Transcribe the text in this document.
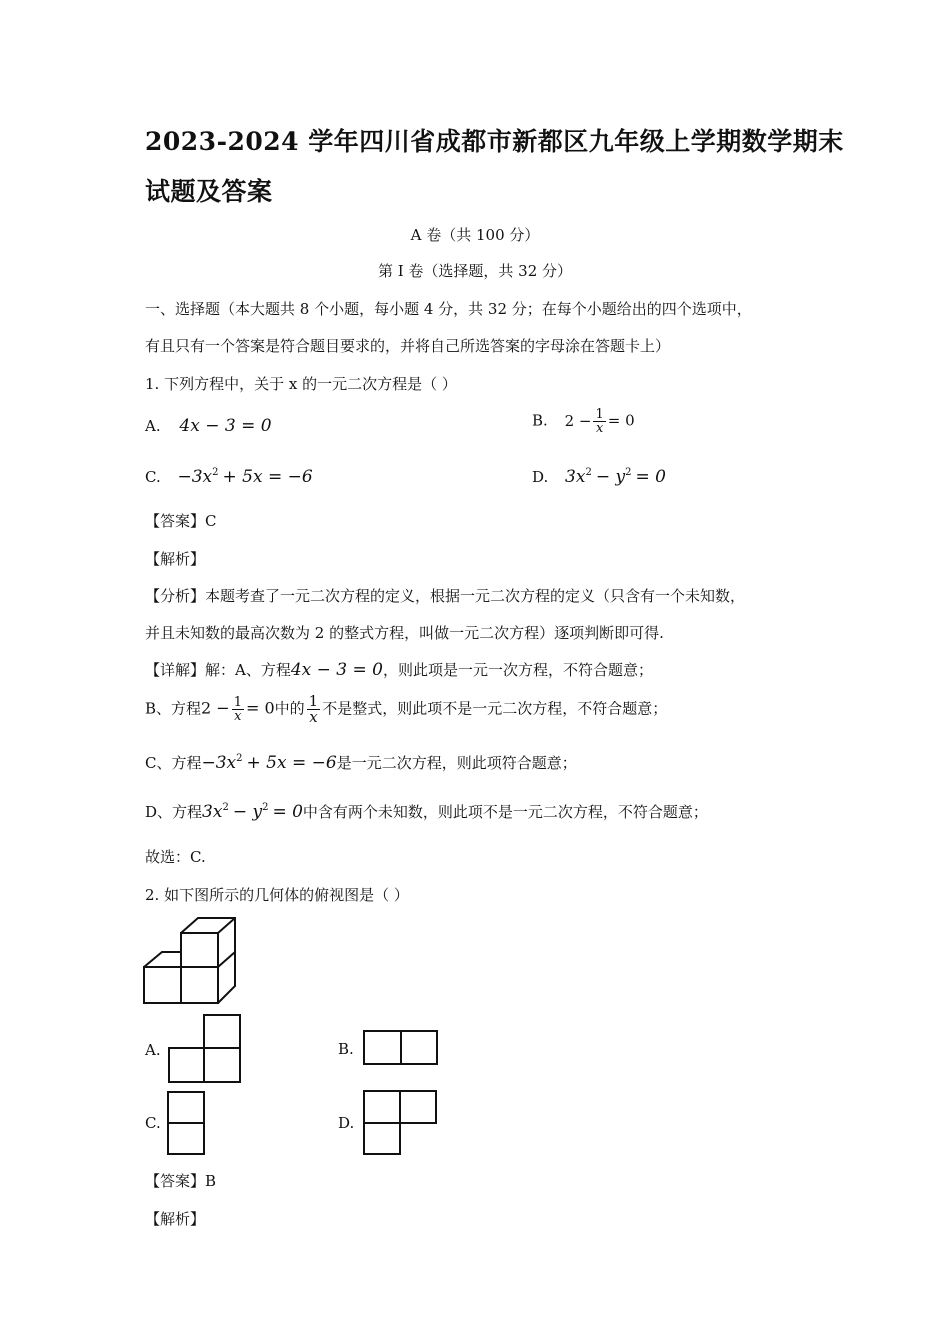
2023-2024 学年四川省成都市新都区九年级上学期数学期末
试题及答案
A 卷（共 100 分）
第 I 卷（选择题，共 32 分）
一、选择题（本大题共 8 个小题，每小题 4 分，共 32 分；在每个小题给出的四个选项中，
有且只有一个答案是符合题目要求的，并将自己所选答案的字母涂在答题卡上）
1. 下列方程中，关于 x 的一元二次方程是（ ）
A. 4x − 3 = 0	B. $2 - \frac{1}{x} = 0$
C. $-3x^2 + 5x = -6$	D. $3x^2 - y^2 = 0$
【答案】C
【解析】
【分析】本题考查了一元二次方程的定义，根据一元二次方程的定义（只含有一个未知数，
并且未知数的最高次数为 2 的整式方程，叫做一元二次方程）逐项判断即可得.
【详解】解：A、方程4x − 3 = 0，则此项是一元一次方程，不符合题意；
B、方程$2 - \frac{1}{x} = 0$中的 $\frac{1}{x}$ 不是整式，则此项不是一元二次方程，不符合题意；
C、方程$-3x^2 + 5x = -6$是一元二次方程，则此项符合题意；
D、方程$3x^2 - y^2 = 0$中含有两个未知数，则此项不是一元二次方程，不符合题意；
故选：C.
2. 如下图所示的几何体的俯视图是（ ）
A.	B.
C.	D.
【答案】B
【解析】
